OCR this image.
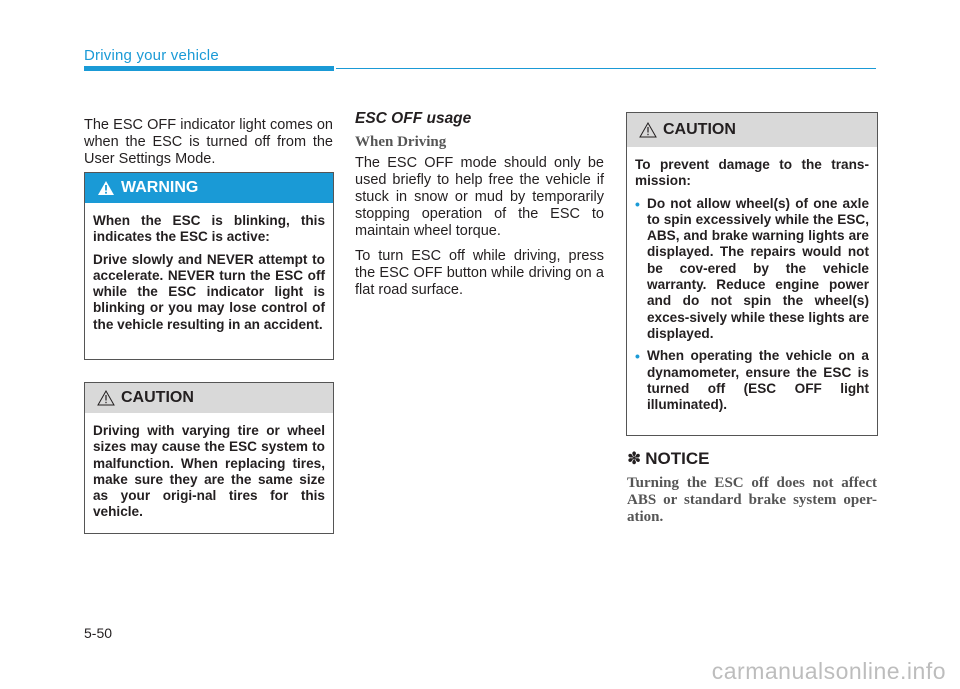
Driving your vehicle

The ESC OFF indicator light comes on when the ESC is turned off from the User Settings Mode.

WARNING

When the ESC is blinking, this indicates the ESC is active:

Drive slowly and NEVER attempt to accelerate. NEVER turn the ESC off while the ESC indicator light is blinking or you may lose control of the vehicle resulting in an accident.

CAUTION

Driving with varying tire or wheel sizes may cause the ESC system to malfunction. When replacing tires, make sure they are the same size as your origi-nal tires for this vehicle.

ESC OFF usage

When Driving

The ESC OFF mode should only be used briefly to help free the vehicle if stuck in snow or mud by temporarily stopping operation of the ESC to maintain wheel torque.

To turn ESC off while driving, press the ESC OFF button while driving on a flat road surface.

CAUTION

To prevent damage to the trans-mission:

• Do not allow wheel(s) of one axle to spin excessively while the ESC, ABS, and brake warning lights are displayed. The repairs would not be cov-ered by the vehicle warranty. Reduce engine power and do not spin the wheel(s) exces-sively while these lights are displayed.
• When operating the vehicle on a dynamometer, ensure the ESC is turned off (ESC OFF light illuminated).

✽ NOTICE

Turning the ESC off does not affect ABS or standard brake system oper-ation.

5-50
carmanualsonline.info
